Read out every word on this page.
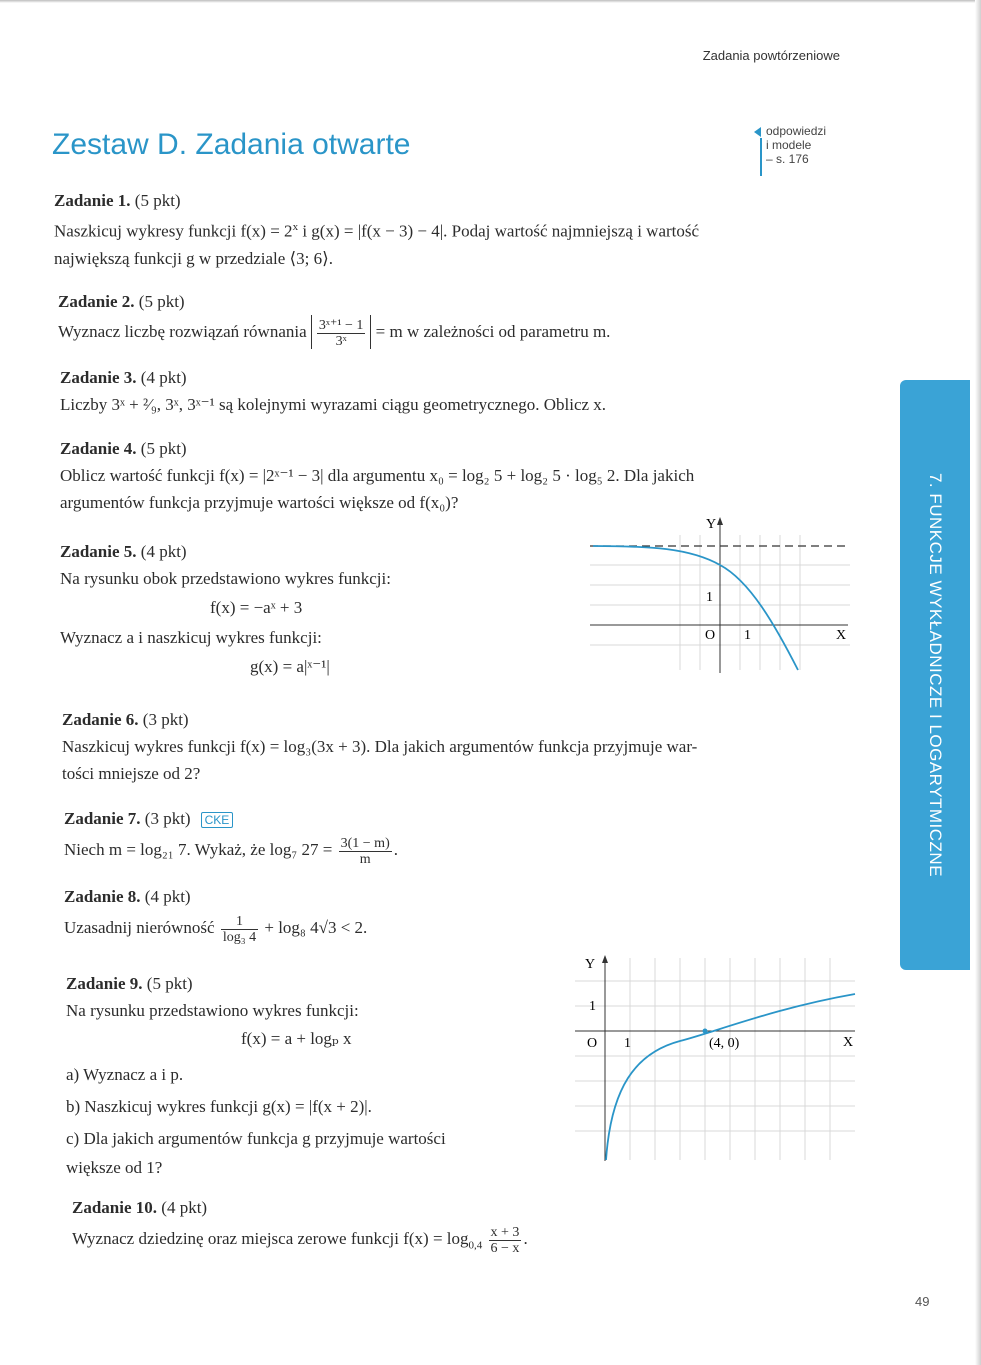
Zadania powtórzeniowe
Zestaw D. Zadania otwarte	odpowiedzi
i modele
– s. 176
Zadanie 1. (5 pkt)
Naszkicuj wykresy funkcji $f(x) = 2^x$ i g(x) = |f(x − 3) − 4|. Podaj wartość najmniejszą i wartość
największą funkcji g w przedziale ⟨3; 6⟩.
Zadanie 2. (5 pkt)
Wyznacz liczbę rozwiązań równania $\frac{\text{3ˣ⁺¹ − 1}}{\text{3ˣ}} = m$ w zależności od parametru m.
Zadanie 3. (4 pkt)
Liczby 3ˣ + ²⁄₉, 3ˣ, 3ˣ⁻¹ są kolejnymi wyrazami ciągu geometrycznego. Oblicz x.
Zadanie 4. (5 pkt)
Oblicz wartość funkcji f(x) = |2ˣ⁻¹ − 3| dla argumentu x₀ = log₂ 5 + log₂ 5 · log₅ 2. Dla jakich
argumentów funkcja przyjmuje wartości większe od f(x₀)?
Zadanie 5. (4 pkt)
Na rysunku obok przedstawiono wykres funkcji:
f(x) = −aˣ + 3
Wyznacz a i naszkicuj wykres funkcji:
g(x) = a|ˣ⁻¹|
Y
X
O 1
1
Zadanie 6. (3 pkt)
Naszkicuj wykres funkcji f(x) = log₃(3x + 3). Dla jakich argumentów funkcja przyjmuje war-
tości mniejsze od 2?
Zadanie 7. (3 pkt) CKE
Niech m = log₂₁ 7. Wykaż, że log₇ $27 = \frac{3(1 - m)}{m}$ .
Zadanie 8. (4 pkt)
Uzasadnij nierówność $\frac{1}{\text{log₃ 4}} + \log_8$ 4√3 < 2.
Zadanie 9. (5 pkt)
Na rysunku przedstawiono wykres funkcji:
f(x) = a + logₚ x
a) Wyznacz a i p.
b) Naszkicuj wykres funkcji g(x) = |f(x + 2)|.
c) Dla jakich argumentów funkcja g przyjmuje wartości
większe od 1?
Y
X
O 1
1
(4, 0)
Zadanie 10. (4 pkt)
Wyznacz dziedzinę oraz miejsca zerowe funkcji $f(x) = \log_{0,4} \frac{x + 3}{6 - x}$ .
7. FUNKCJE WYKŁADNICZE I LOGARYTMICZNE
49
